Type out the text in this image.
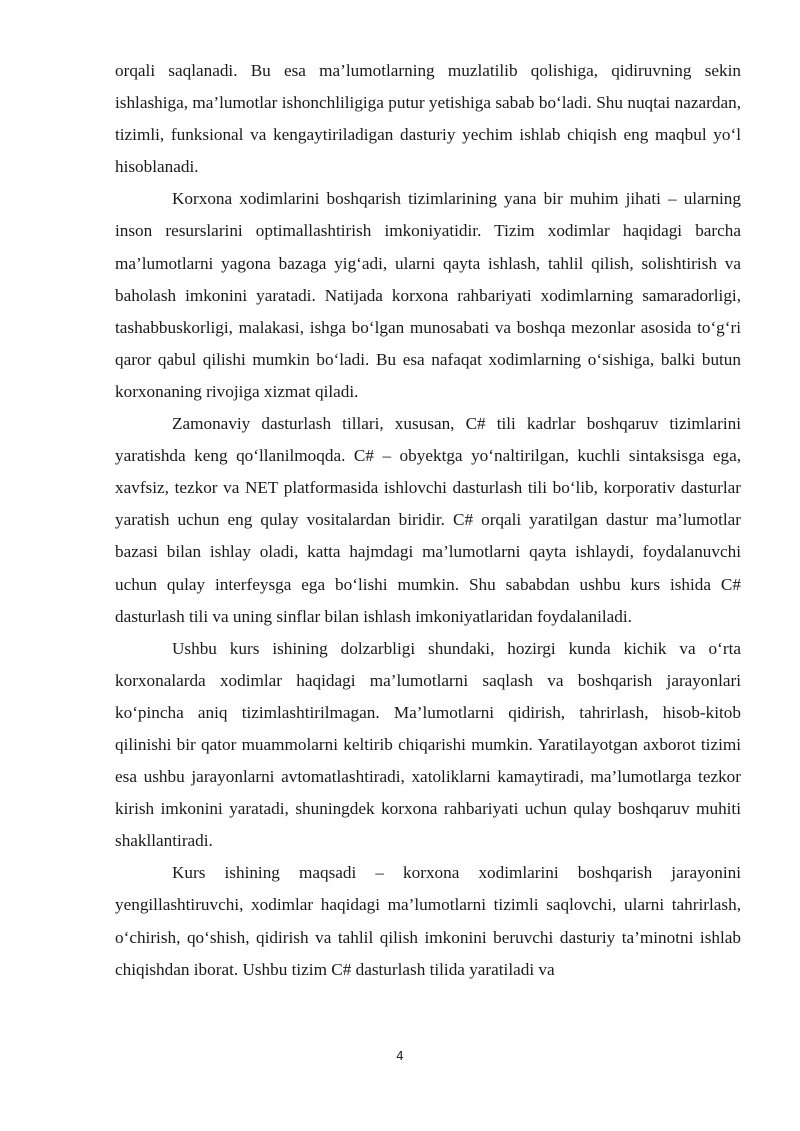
orqali saqlanadi. Bu esa ma’lumotlarning muzlatilib qolishiga, qidiruvning sekin ishlashiga, ma’lumotlar ishonchliligiga putur yetishiga sabab bo‘ladi. Shu nuqtai nazardan, tizimli, funksional va kengaytiriladigan dasturiy yechim ishlab chiqish eng maqbul yo‘l hisoblanadi.

Korxona xodimlarini boshqarish tizimlarining yana bir muhim jihati – ularning inson resurslarini optimallashtirish imkoniyatidir. Tizim xodimlar haqidagi barcha ma’lumotlarni yagona bazaga yig‘adi, ularni qayta ishlash, tahlil qilish, solishtirish va baholash imkonini yaratadi. Natijada korxona rahbariyati xodimlarning samaradorligi, tashabbuskorligi, malakasi, ishga bo‘lgan munosabati va boshqa mezonlar asosida to‘g‘ri qaror qabul qilishi mumkin bo‘ladi. Bu esa nafaqat xodimlarning o‘sishiga, balki butun korxonaning rivojiga xizmat qiladi.

Zamonaviy dasturlash tillari, xususan, C# tili kadrlar boshqaruv tizimlarini yaratishda keng qo‘llanilmoqda. C# – obyektga yo‘naltirilgan, kuchli sintaksisga ega, xavfsiz, tezkor va NET platformasida ishlovchi dasturlash tili bo‘lib, korporativ dasturlar yaratish uchun eng qulay vositalardan biridir. C# orqali yaratilgan dastur ma’lumotlar bazasi bilan ishlay oladi, katta hajmdagi ma’lumotlarni qayta ishlaydi, foydalanuvchi uchun qulay interfeysga ega bo‘lishi mumkin. Shu sababdan ushbu kurs ishida C# dasturlash tili va uning sinflar bilan ishlash imkoniyatlaridan foydalaniladi.

Ushbu kurs ishining dolzarbligi shundaki, hozirgi kunda kichik va o‘rta korxonalarda xodimlar haqidagi ma’lumotlarni saqlash va boshqarish jarayonlari ko‘pincha aniq tizimlashtirilmagan. Ma’lumotlarni qidirish, tahrirlash, hisob-kitob qilinishi bir qator muammolarni keltirib chiqarishi mumkin. Yaratilayotgan axborot tizimi esa ushbu jarayonlarni avtomatlashtiradi, xatoliklarni kamaytiradi, ma’lumotlarga tezkor kirish imkonini yaratadi, shuningdek korxona rahbariyati uchun qulay boshqaruv muhiti shakllantiradi.

Kurs ishining maqsadi – korxona xodimlarini boshqarish jarayonini yengillashtiruvchi, xodimlar haqidagi ma’lumotlarni tizimli saqlovchi, ularni tahrirlash, o‘chirish, qo‘shish, qidirish va tahlil qilish imkonini beruvchi dasturiy ta’minotni ishlab chiqishdan iborat. Ushbu tizim C# dasturlash tilida yaratiladi va

4
